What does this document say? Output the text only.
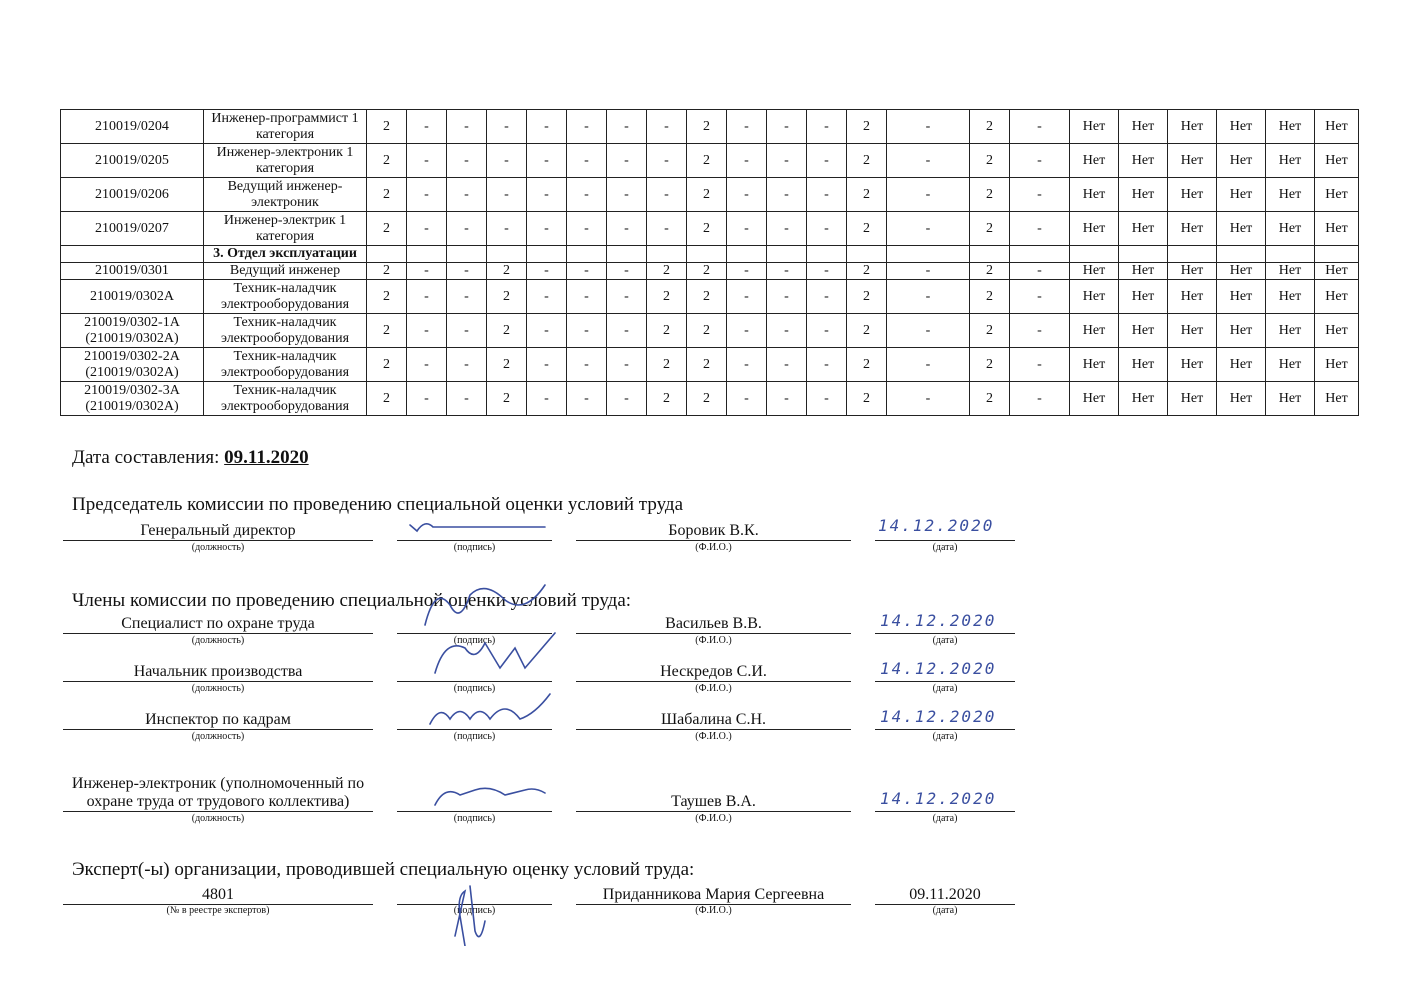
210019/0204	Инженер-программист 1 категория	2	-	-	-	-	-	-	-	2	-	-	-	2	-	2	-	Нет	Нет	Нет	Нет	Нет	Нет
210019/0205	Инженер-электроник 1 категория	2	-	-	-	-	-	-	-	2	-	-	-	2	-	2	-	Нет	Нет	Нет	Нет	Нет	Нет
210019/0206	Ведущий инженер-электроник	2	-	-	-	-	-	-	-	2	-	-	-	2	-	2	-	Нет	Нет	Нет	Нет	Нет	Нет
210019/0207	Инженер-электрик 1 категория	2	-	-	-	-	-	-	-	2	-	-	-	2	-	2	-	Нет	Нет	Нет	Нет	Нет	Нет
	3. Отдел эксплуатации																						
210019/0301	Ведущий инженер	2	-	-	2	-	-	-	2	2	-	-	-	2	-	2	-	Нет	Нет	Нет	Нет	Нет	Нет
210019/0302А	Техник-наладчик электрооборудования	2	-	-	2	-	-	-	2	2	-	-	-	2	-	2	-	Нет	Нет	Нет	Нет	Нет	Нет
210019/0302-1А (210019/0302А)	Техник-наладчик электрооборудования	2	-	-	2	-	-	-	2	2	-	-	-	2	-	2	-	Нет	Нет	Нет	Нет	Нет	Нет
210019/0302-2А (210019/0302А)	Техник-наладчик электрооборудования	2	-	-	2	-	-	-	2	2	-	-	-	2	-	2	-	Нет	Нет	Нет	Нет	Нет	Нет
210019/0302-3А (210019/0302А)	Техник-наладчик электрооборудования	2	-	-	2	-	-	-	2	2	-	-	-	2	-	2	-	Нет	Нет	Нет	Нет	Нет	Нет
Дата составления: 09.11.2020
Председатель комиссии по проведению специальной оценки условий труда
Генеральный директор	Боровик В.К.
(должность)	(подпись)	(Ф.И.О.)	(дата)
14.12.2020
Члены комиссии по проведению специальной оценки условий труда:
Специалист по охране труда	Васильев В.В.
(должность)	(подпись)	(Ф.И.О.)	(дата)
14.12.2020
Начальник производства	Нескредов С.И.
(должность)	(подпись)	(Ф.И.О.)	(дата)
14.12.2020
Инспектор по кадрам	Шабалина С.Н.
(должность)	(подпись)	(Ф.И.О.)	(дата)
14.12.2020
Инженер-электроник (уполномоченный по охране труда от трудового коллектива)	Таушев В.А.
(должность)	(подпись)	(Ф.И.О.)	(дата)
14.12.2020
Эксперт(-ы) организации, проводившей специальную оценку условий труда:
4801	Приданникова Мария Сергеевна	09.11.2020
(№ в реестре экспертов)	(подпись)	(Ф.И.О.)	(дата)
